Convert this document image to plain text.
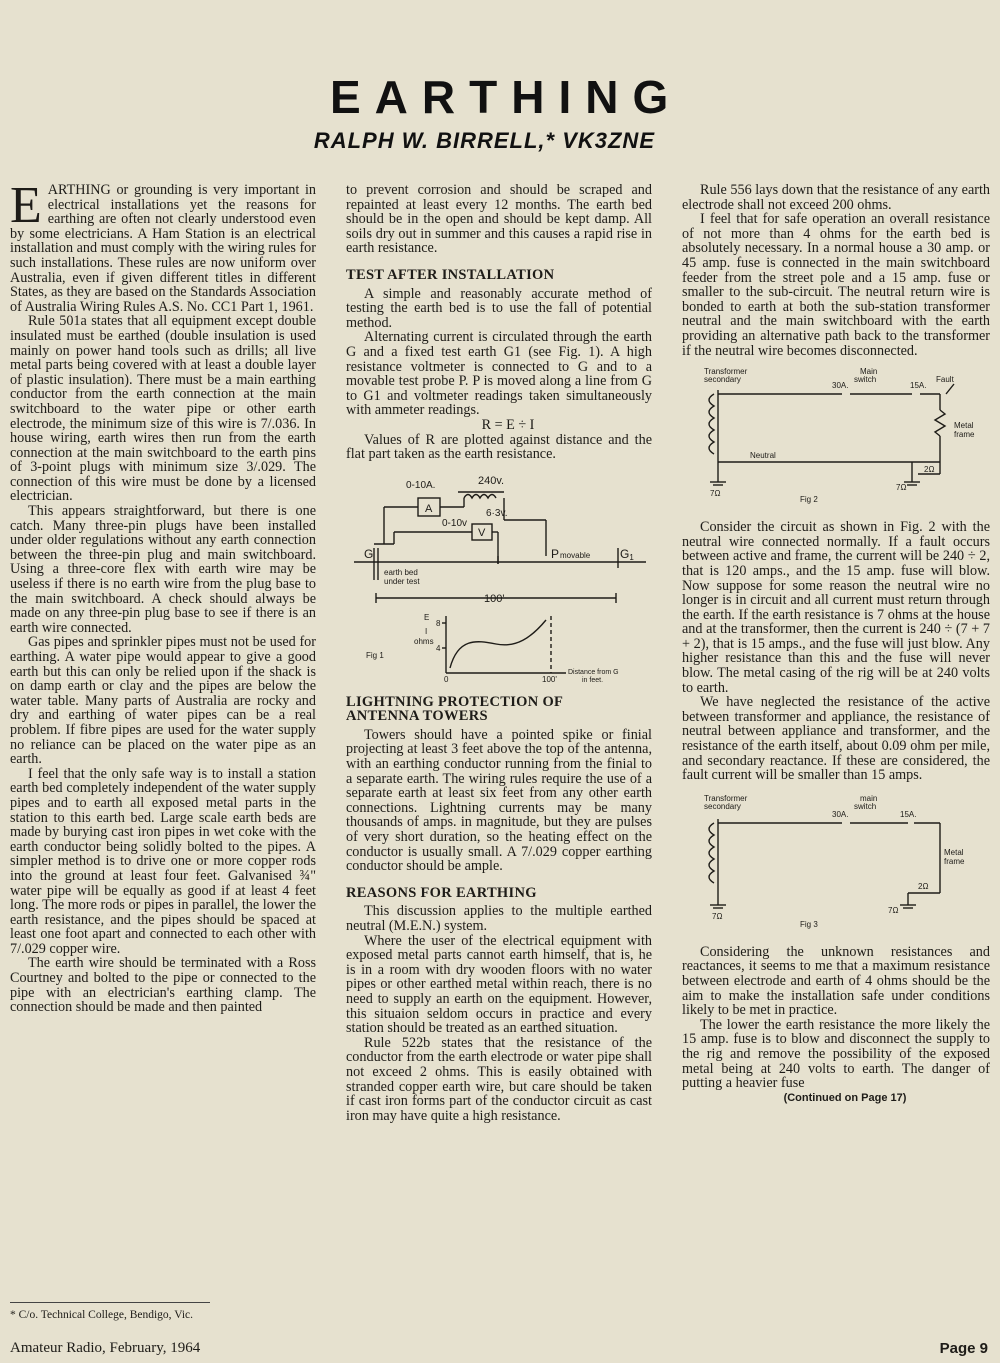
EARTHING
RALPH W. BIRRELL,* VK3ZNE

EARTHING or grounding is very important in electrical installations yet the reasons for earthing are often not clearly understood even by some electricians. A Ham Station is an electrical installation and must comply with the wiring rules for such installations. These rules are now uniform over Australia, even if given different titles in different States, as they are based on the Standards Association of Australia Wiring Rules A.S. No. CC1 Part 1, 1961.

Rule 501a states that all equipment except double insulated must be earthed (double insulation is used mainly on power hand tools such as drills; all live metal parts being covered with at least a double layer of plastic insulation). There must be a main earthing conductor from the earth connection at the main switchboard to the water pipe or other earth electrode, the minimum size of this wire is 7/.036. In house wiring, earth wires then run from the earth connection at the main switchboard to the earth pins of 3-point plugs with minimum size 3/.029. The connection of this wire must be done by a licensed electrician.

This appears straightforward, but there is one catch. Many three-pin plugs have been installed under older regulations without any earth connection between the three-pin plug and main switchboard. Using a three-core flex with earth wire may be useless if there is no earth wire from the plug base to the main switchboard. A check should always be made on any three-pin plug base to see if there is an earth wire connected.

Gas pipes and sprinkler pipes must not be used for earthing. A water pipe would appear to give a good earth but this can only be relied upon if the shack is on damp earth or clay and the pipes are below the water table. Many parts of Australia are rocky and dry and earthing of water pipes can be a real problem. If fibre pipes are used for the water supply no reliance can be placed on the water pipe as an earth.

I feel that the only safe way is to install a station earth bed completely independent of the water supply pipes and to earth all exposed metal parts in the station to this earth bed. Large scale earth beds are made by burying cast iron pipes in wet coke with the earth conductor being solidly bolted to the pipes. A simpler method is to drive one or more copper rods into the ground at least four feet. Galvanised ¾" water pipe will be equally as good if at least 4 feet long. The more rods or pipes in parallel, the lower the earth resistance, and the pipes should be spaced at least one foot apart and connected to each other with 7/.029 copper wire.

The earth wire should be terminated with a Ross Courtney and bolted to the pipe or connected to the pipe with an electrician's earthing clamp. The connection should be made and then painted

to prevent corrosion and should be scraped and repainted at least every 12 months. The earth bed should be in the open and should be kept damp. All soils dry out in summer and this causes a rapid rise in earth resistance.

TEST AFTER INSTALLATION

A simple and reasonably accurate method of testing the earth bed is to use the fall of potential method.

Alternating current is circulated through the earth G and a fixed test earth G1 (see Fig. 1). A high resistance voltmeter is connected to G and to a movable test probe P. P is moved along a line from G to G1 and voltmeter readings taken simultaneously with ammeter readings.

R = E ÷ I

Values of R are plotted against distance and the flat part taken as the earth resistance.

0-10A.
A
240v.
6·3v.
0-10v
V
G	G1
P movable
earth bed
under test
100'
Fig 1
E
I
ohms
8
4
0	100'
Distance from G
in feet.
LIGHTNING PROTECTION OF
ANTENNA TOWERS

Towers should have a pointed spike or finial projecting at least 3 feet above the top of the antenna, with an earthing conductor running from the finial to a separate earth. The wiring rules require the use of a separate earth at least six feet from any other earth connections. Lightning currents may be many thousands of amps. in magnitude, but they are pulses of very short duration, so the heating effect on the conductor is usually small. A 7/.029 copper earthing conductor should be ample.

REASONS FOR EARTHING

This discussion applies to the multiple earthed neutral (M.E.N.) system.

Where the user of the electrical equipment with exposed metal parts cannot earth himself, that is, he is in a room with dry wooden floors with no water pipes or other earthed metal within reach, there is no need to supply an earth on the equipment. However, this situaion seldom occurs in practice and every station should be treated as an earthed situation.

Rule 522b states that the resistance of the conductor from the earth electrode or water pipe shall not exceed 2 ohms. This is easily obtained with stranded copper earth wire, but care should be taken if cast iron forms part of the conductor circuit as cast iron may have quite a high resistance.

Rule 556 lays down that the resistance of any earth electrode shall not exceed 200 ohms.

I feel that for safe operation an overall resistance of not more than 4 ohms for the earth bed is absolutely necessary. In a normal house a 30 amp. or 45 amp. fuse is connected in the main switchboard feeder from the street pole and a 15 amp. fuse or smaller to the sub-circuit. The neutral return wire is bonded to earth at both the sub-station transformer neutral and the main switchboard with the earth providing an alternative path back to the transformer if the neutral wire becomes disconnected.

Transformer
secondary
Main
switch
30A.	15A.
Fault
Metal
frame
Neutral
7Ω
7Ω
2Ω
Fig 2

Consider the circuit as shown in Fig. 2 with the neutral wire connected normally. If a fault occurs between active and frame, the current will be 240 ÷ 2, that is 120 amps., and the 15 amp. fuse will blow. Now suppose for some reason the neutral wire no longer is in circuit and all current must return through the earth. If the earth resistance is 7 ohms at the house and at the transformer, then the current is 240 ÷ (7 + 7 + 2), that is 15 amps., and the fuse will just blow. Any higher resistance than this and the fuse will never blow. The metal casing of the rig will be at 240 volts to earth.

We have neglected the resistance of the active between transformer and appliance, the resistance of neutral between appliance and transformer, and the resistance of the earth itself, about 0.09 ohm per mile, and secondary reactance. If these are considered, the fault current will be smaller than 15 amps.

Transformer
secondary
main
switch
30A.	15A.
Metal
frame
7Ω
7Ω
2Ω
Fig 3

Considering the unknown resistances and reactances, it seems to me that a maximum resistance between electrode and earth of 4 ohms should be the aim to make the installation safe under conditions likely to be met in practice.

The lower the earth resistance the more likely the 15 amp. fuse is to blow and disconnect the supply to the rig and remove the possibility of the exposed metal being at 240 volts to earth. The danger of putting a heavier fuse

(Continued on Page 17)

* C/o. Technical College, Bendigo, Vic.
Amateur Radio, February, 1964	Page 9
